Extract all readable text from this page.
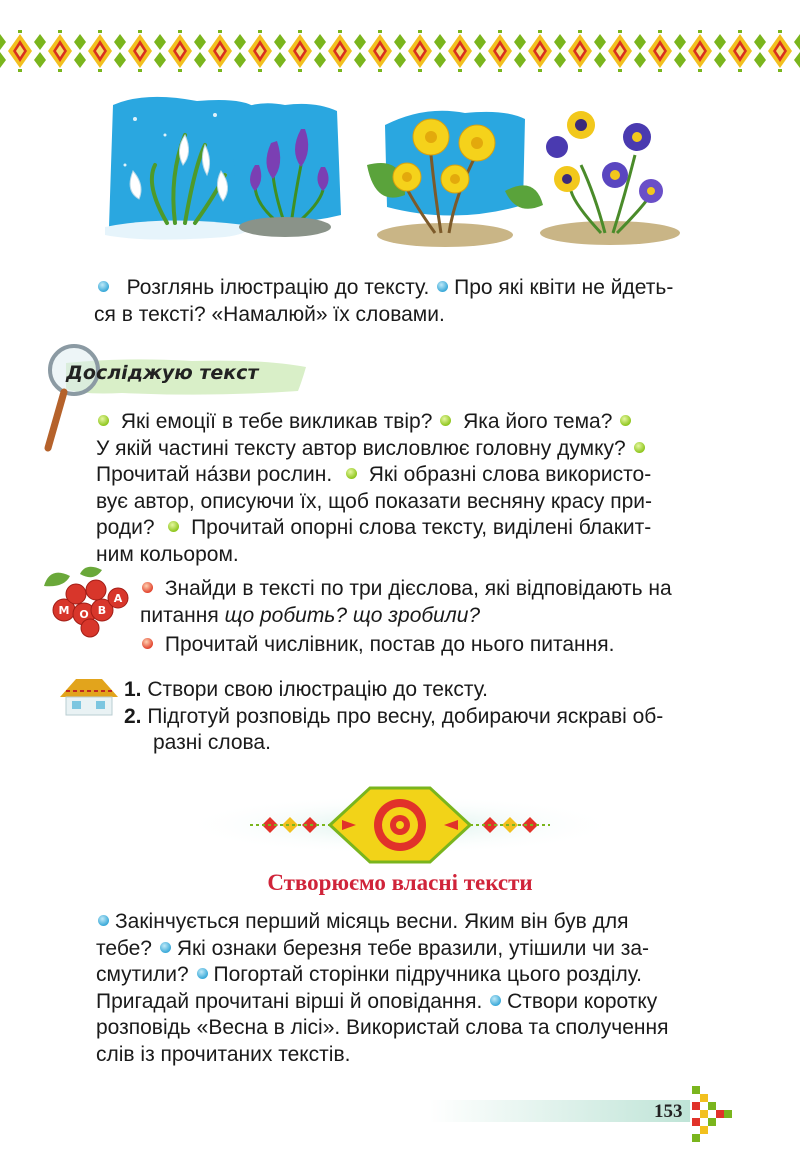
Розглянь ілюстрацію до тексту. Про які квіти не йдеть-

ся в тексті? «Намалюй» їх словами.

Досліджую текст

Які емоції в тебе викликав твір? Яка його тема?

У якій частині тексту автор висловлює головну думку?

Прочитай на́зви рослин. Які образні слова використо-

вує автор, описуючи їх, щоб показати весняну красу при-

роди? Прочитай опорні слова тексту, виділені блакит-

ним кольором.

М О В
А	Знайди в тексті по три дієслова, які відповідають на

питання що робить? що зробили?

Прочитай числівник, постав до нього питання.

1. Створи свою ілюстрацію до тексту.

2. Підготуй розповідь про весну, добираючи яскраві об-

разні слова.

Створюємо власні тексти

Закінчується перший місяць весни. Яким він був для

тебе? Які ознаки березня тебе вразили, утішили чи за-

смутили? Погортай сторінки підручника цього розділу.

Пригадай прочитані вірші й оповідання. Створи коротку

розповідь «Весна в лісі». Використай слова та сполучення

слів із прочитаних текстів.

153
